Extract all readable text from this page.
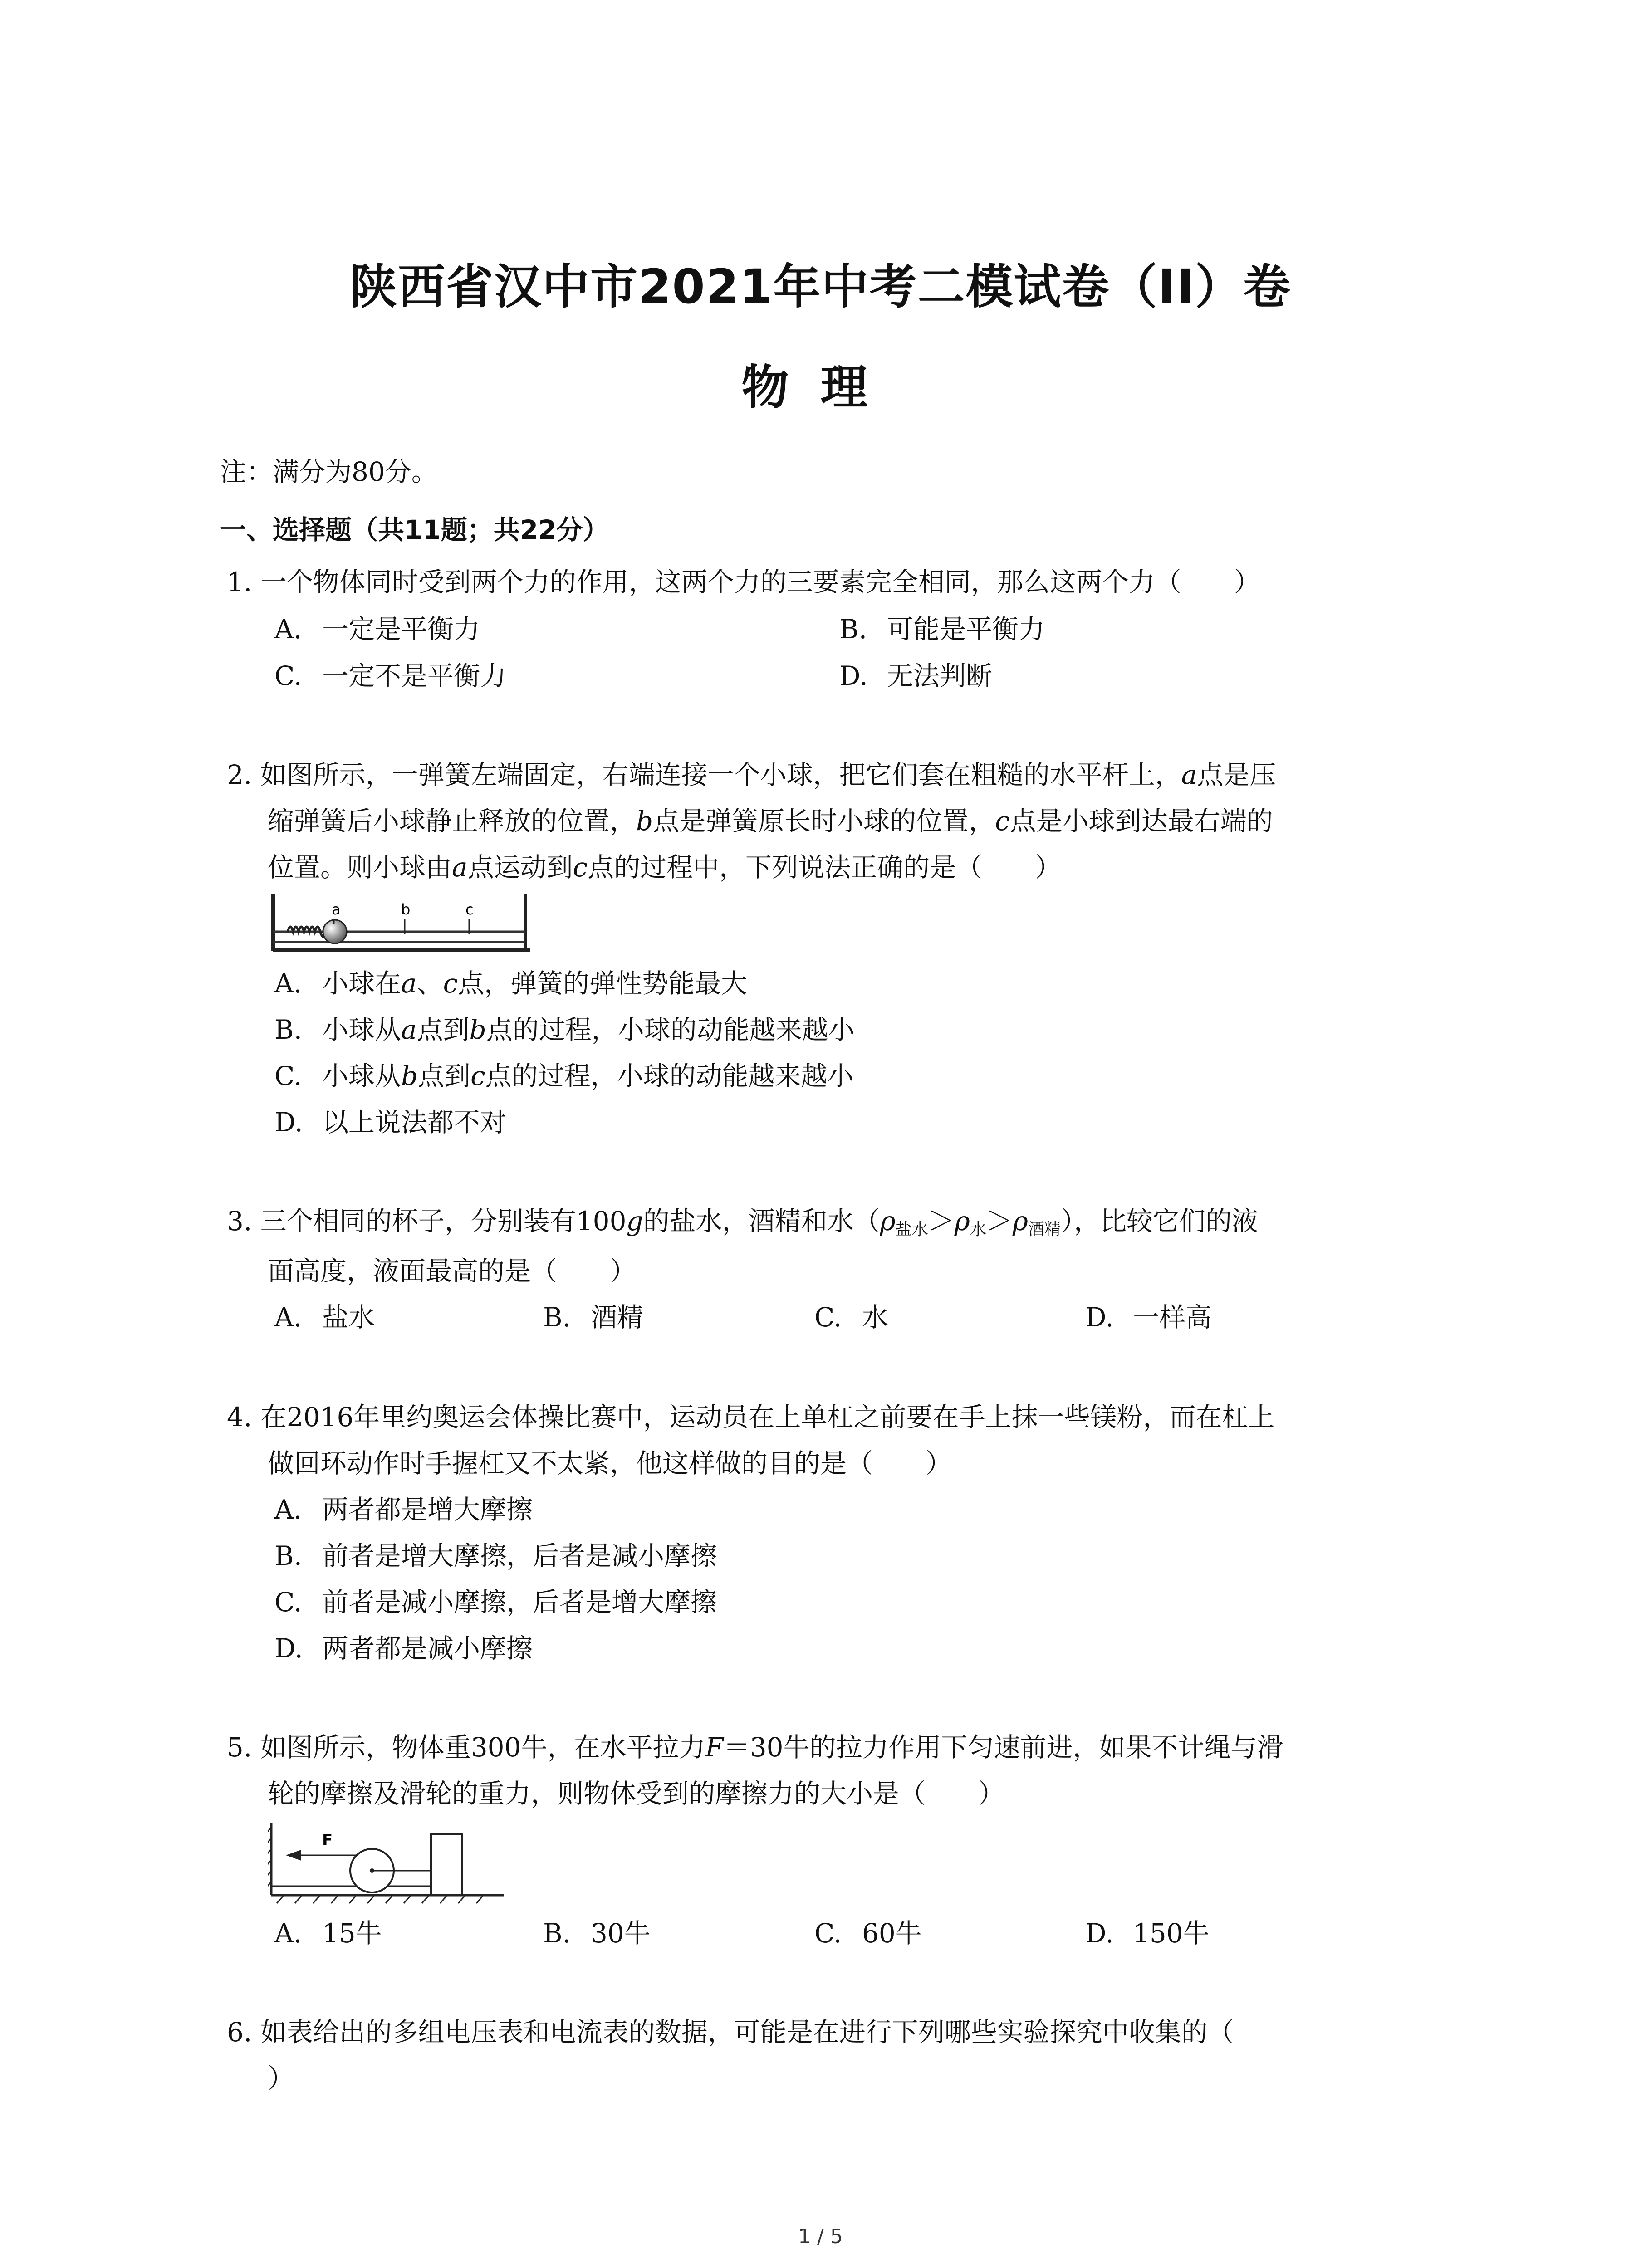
陕西省汉中市2021年中考二模试卷（II）卷
物理
注：满分为80分。
一、选择题（共11题；共22分）
1. 一个物体同时受到两个力的作用，这两个力的三要素完全相同，那么这两个力（　　）
A. 一定是平衡力	B. 可能是平衡力
C. 一定不是平衡力	D. 无法判断
2. 如图所示，一弹簧左端固定，右端连接一个小球，把它们套在粗糙的水平杆上，a点是压
缩弹簧后小球静止释放的位置，b点是弹簧原长时小球的位置，c点是小球到达最右端的
位置。则小球由a点运动到c点的过程中，下列说法正确的是（　　）
a	b	c
A. 小球在a、c点，弹簧的弹性势能最大
B. 小球从a点到b点的过程，小球的动能越来越小
C. 小球从b点到c点的过程，小球的动能越来越小
D. 以上说法都不对
3. 三个相同的杯子，分别装有100g的盐水，酒精和水$(\rho_{盐水}>\rho_水>\rho_{酒精})$，比较它们的液
面高度，液面最高的是（　　）
A. 盐水	B. 酒精	C. 水	D. 一样高
4. 在2016年里约奥运会体操比赛中，运动员在上单杠之前要在手上抹一些镁粉，而在杠上
做回环动作时手握杠又不太紧，他这样做的目的是（　　）
A. 两者都是增大摩擦
B. 前者是增大摩擦，后者是减小摩擦
C. 前者是减小摩擦，后者是增大摩擦
D. 两者都是减小摩擦
5. 如图所示，物体重300牛，在水平拉力F＝30牛的拉力作用下匀速前进，如果不计绳与滑
轮的摩擦及滑轮的重力，则物体受到的摩擦力的大小是（　　）
F
A. 15牛	B. 30牛	C. 60牛	D. 150牛
6. 如表给出的多组电压表和电流表的数据，可能是在进行下列哪些实验探究中收集的（
）
1 / 5
